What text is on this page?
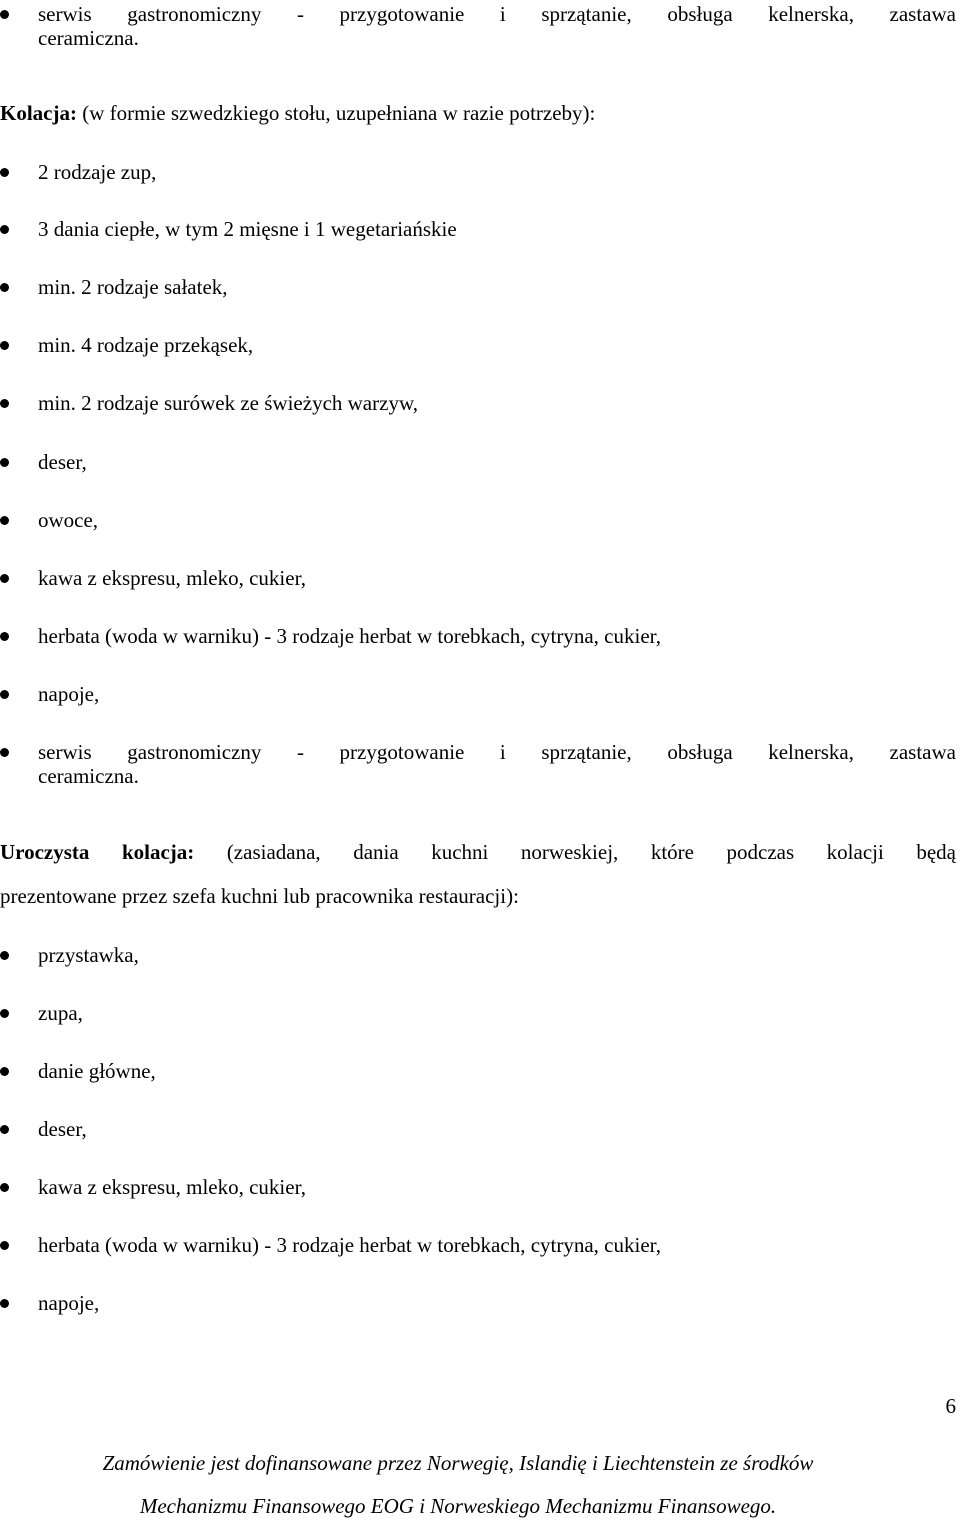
serwis gastronomiczny - przygotowanie i sprzątanie, obsługa kelnerska, zastawa
ceramiczna.
Kolacja: (w formie szwedzkiego stołu, uzupełniana w razie potrzeby):
2 rodzaje zup,
3 dania ciepłe, w tym 2 mięsne i 1 wegetariańskie
min. 2 rodzaje sałatek,
min. 4 rodzaje przekąsek,
min. 2 rodzaje surówek ze świeżych warzyw,
deser,
owoce,
kawa z ekspresu, mleko, cukier,
herbata (woda w warniku) - 3 rodzaje herbat w torebkach, cytryna, cukier,
napoje,
serwis gastronomiczny - przygotowanie i sprzątanie, obsługa kelnerska, zastawa
ceramiczna.
Uroczysta kolacja: (zasiadana, dania kuchni norweskiej, które podczas kolacji będą
prezentowane przez szefa kuchni lub pracownika restauracji):
przystawka,
zupa,
danie główne,
deser,
kawa z ekspresu, mleko, cukier,
herbata (woda w warniku) - 3 rodzaje herbat w torebkach, cytryna, cukier,
napoje,
6
Zamówienie jest dofinansowane przez Norwegię, Islandię i Liechtenstein ze środków
Mechanizmu Finansowego EOG i Norweskiego Mechanizmu Finansowego.
